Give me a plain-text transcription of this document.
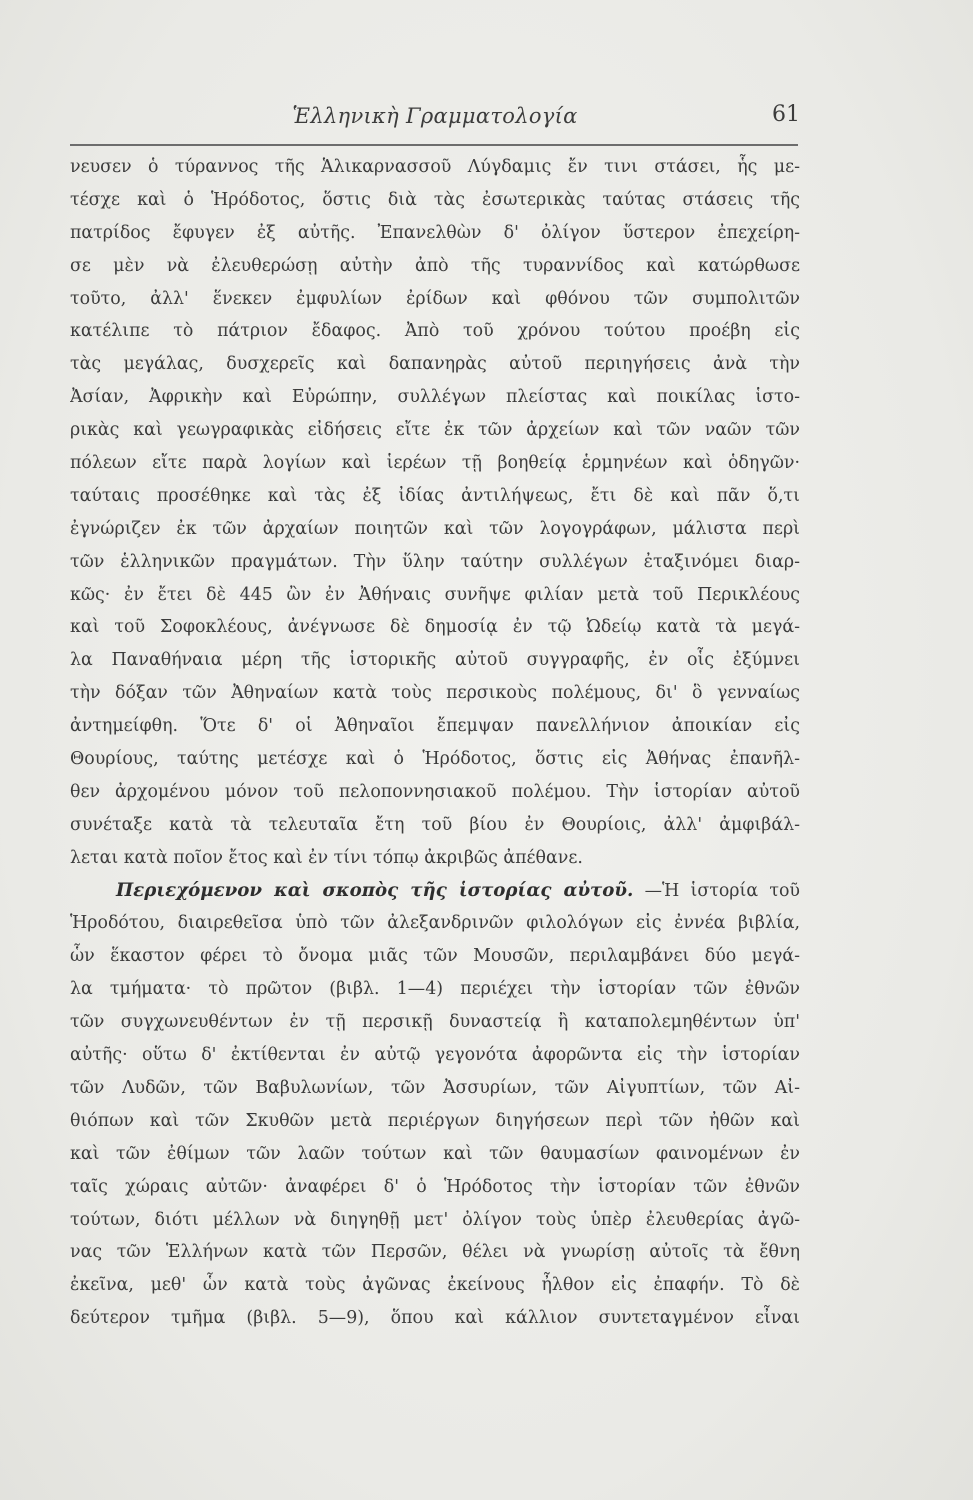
Ἑλληνικὴ Γραμματολογία	61
νευσεν ὁ τύραννος τῆς Ἁλικαρνασσοῦ Λύγδαμις ἔν τινι στάσει, ἧς με-
τέσχε καὶ ὁ Ἡρόδοτος, ὅστις διὰ τὰς ἐσωτερικὰς ταύτας στάσεις τῆς
πατρίδος ἔφυγεν ἐξ αὐτῆς. Ἐπανελθὼν δ' ὀλίγον ὕστερον ἐπεχείρη-
σε μὲν νὰ ἐλευθερώσῃ αὐτὴν ἀπὸ τῆς τυραννίδος καὶ κατώρθωσε
τοῦτο, ἀλλ' ἕνεκεν ἐμφυλίων ἐρίδων καὶ φθόνου τῶν συμπολιτῶν
κατέλιπε τὸ πάτριον ἔδαφος. Ἀπὸ τοῦ χρόνου τούτου προέβη εἰς
τὰς μεγάλας, δυσχερεῖς καὶ δαπανηρὰς αὐτοῦ περιηγήσεις ἀνὰ τὴν
Ἀσίαν, Ἀφρικὴν καὶ Εὐρώπην, συλλέγων πλείστας καὶ ποικίλας ἱστο-
ρικὰς καὶ γεωγραφικὰς εἰδήσεις εἴτε ἐκ τῶν ἀρχείων καὶ τῶν ναῶν τῶν
πόλεων εἴτε παρὰ λογίων καὶ ἱερέων τῇ βοηθείᾳ ἑρμηνέων καὶ ὁδηγῶν·
ταύταις προσέθηκε καὶ τὰς ἐξ ἰδίας ἀντιλήψεως, ἔτι δὲ καὶ πᾶν ὅ,τι
ἐγνώριζεν ἐκ τῶν ἀρχαίων ποιητῶν καὶ τῶν λογογράφων, μάλιστα περὶ
τῶν ἑλληνικῶν πραγμάτων. Τὴν ὕλην ταύτην συλλέγων ἐταξινόμει διαρ-
κῶς· ἐν ἔτει δὲ 445 ὢν ἐν Ἀθήναις συνῆψε φιλίαν μετὰ τοῦ Περικλέους
καὶ τοῦ Σοφοκλέους, ἀνέγνωσε δὲ δημοσίᾳ ἐν τῷ Ὠδείῳ κατὰ τὰ μεγά-
λα Παναθήναια μέρη τῆς ἱστορικῆς αὐτοῦ συγγραφῆς, ἐν οἷς ἐξύμνει
τὴν δόξαν τῶν Ἀθηναίων κατὰ τοὺς περσικοὺς πολέμους, δι' ὃ γενναίως
ἀντημείφθη. Ὅτε δ' οἱ Ἀθηναῖοι ἔπεμψαν πανελλήνιον ἀποικίαν εἰς
Θουρίους, ταύτης μετέσχε καὶ ὁ Ἡρόδοτος, ὅστις εἰς Ἀθήνας ἐπανῆλ-
θεν ἀρχομένου μόνον τοῦ πελοποννησιακοῦ πολέμου. Τὴν ἱστορίαν αὐτοῦ
συνέταξε κατὰ τὰ τελευταῖα ἔτη τοῦ βίου ἐν Θουρίοις, ἀλλ' ἀμφιβάλ-
λεται κατὰ ποῖον ἔτος καὶ ἐν τίνι τόπῳ ἀκριβῶς ἀπέθανε.
Περιεχόμενον καὶ σκοπὸς τῆς ἱστορίας αὐτοῦ. —Ἡ ἱστορία τοῦ
Ἡροδότου, διαιρεθεῖσα ὑπὸ τῶν ἀλεξανδρινῶν φιλολόγων εἰς ἐννέα βιβλία,
ὧν ἕκαστον φέρει τὸ ὄνομα μιᾶς τῶν Μουσῶν, περιλαμβάνει δύο μεγά-
λα τμήματα· τὸ πρῶτον (βιβλ. 1—4) περιέχει τὴν ἱστορίαν τῶν ἐθνῶν
τῶν συγχωνευθέντων ἐν τῇ περσικῇ δυναστείᾳ ἢ καταπολεμηθέντων ὑπ'
αὐτῆς· οὕτω δ' ἐκτίθενται ἐν αὐτῷ γεγονότα ἀφορῶντα εἰς τὴν ἱστορίαν
τῶν Λυδῶν, τῶν Βαβυλωνίων, τῶν Ἀσσυρίων, τῶν Αἰγυπτίων, τῶν Αἰ-
θιόπων καὶ τῶν Σκυθῶν μετὰ περιέργων διηγήσεων περὶ τῶν ἠθῶν καὶ
καὶ τῶν ἐθίμων τῶν λαῶν τούτων καὶ τῶν θαυμασίων φαινομένων ἐν
ταῖς χώραις αὐτῶν· ἀναφέρει δ' ὁ Ἡρόδοτος τὴν ἱστορίαν τῶν ἐθνῶν
τούτων, διότι μέλλων νὰ διηγηθῇ μετ' ὀλίγον τοὺς ὑπὲρ ἐλευθερίας ἀγῶ-
νας τῶν Ἑλλήνων κατὰ τῶν Περσῶν, θέλει νὰ γνωρίσῃ αὐτοῖς τὰ ἔθνη
ἐκεῖνα, μεθ' ὧν κατὰ τοὺς ἀγῶνας ἐκείνους ἦλθον εἰς ἐπαφήν. Τὸ δὲ
δεύτερον τμῆμα (βιβλ. 5—9), ὅπου καὶ κάλλιον συντεταγμένον εἶναι
